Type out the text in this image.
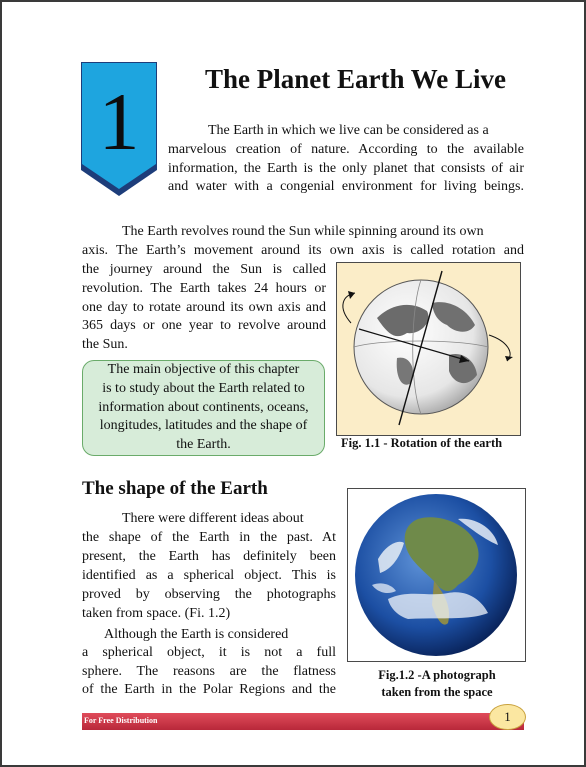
1	The Planet Earth We Live
The Earth in which we live can be considered as a
marvelous creation of nature. According to the available
information, the Earth is the only planet that consists of air
and water with a congenial environment for living beings.
The Earth revolves round the Sun while spinning around its own
axis. The Earth’s movement around its own axis is called rotation and
the journey around the Sun is called
revolution. The Earth takes 24 hours or
one day to rotate around its own axis and
365 days or one year to revolve around
the Sun.
The main objective of this chapter
is to study about the Earth related to
information about continents, oceans,
longitudes, latitudes and the shape of
the Earth.	Fig. 1.1 - Rotation of the earth
The shape of the Earth
There were different ideas about
the shape of the Earth in the past. At
present, the Earth has definitely been
identified as a spherical object. This is
proved by observing the photographs
taken from space. (Fi. 1.2)
Although the Earth is considered
a spherical object, it is not a full
sphere. The reasons are the flatness
of the Earth in the Polar Regions and the
Fig.1.2 -A photograph
taken from the space
For Free Distribution	1
